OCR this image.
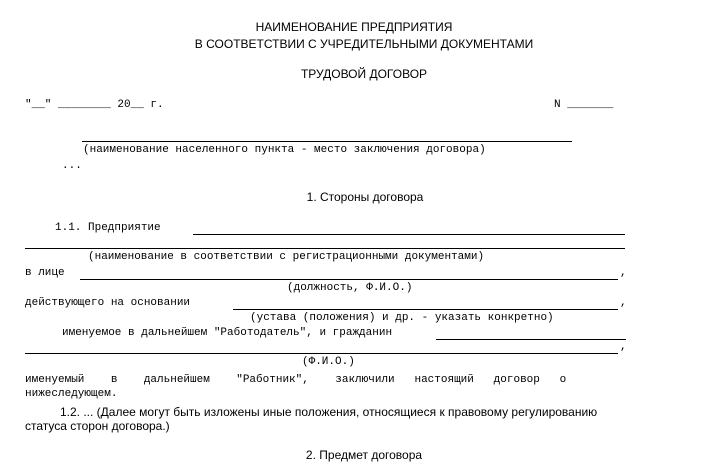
НАИМЕНОВАНИЕ ПРЕДПРИЯТИЯ
В СООТВЕТСТВИИ С УЧРЕДИТЕЛЬНЫМИ ДОКУМЕНТАМИ
ТРУДОВОЙ ДОГОВОР
"__" ________ 20__ г.	N _______
(наименование населенного пункта - место заключения договора)
...
1. Стороны договора
1.1. Предприятие
(наименование в соответствии с регистрационными документами)
в лице	,
(должность, Ф.И.О.)
действующего на основании	,
(устава (положения) и др. - указать конкретно)
именуемое в дальнейшем "Работодатель", и гражданин
,
(Ф.И.О.)
именуемый    в    дальнейшем    "Работник",    заключили   настоящий   договор   о
нижеследующем.
1.2. ... (Далее могут быть изложены иные положения, относящиеся к правовому регулированию
статуса сторон договора.)
2. Предмет договора
